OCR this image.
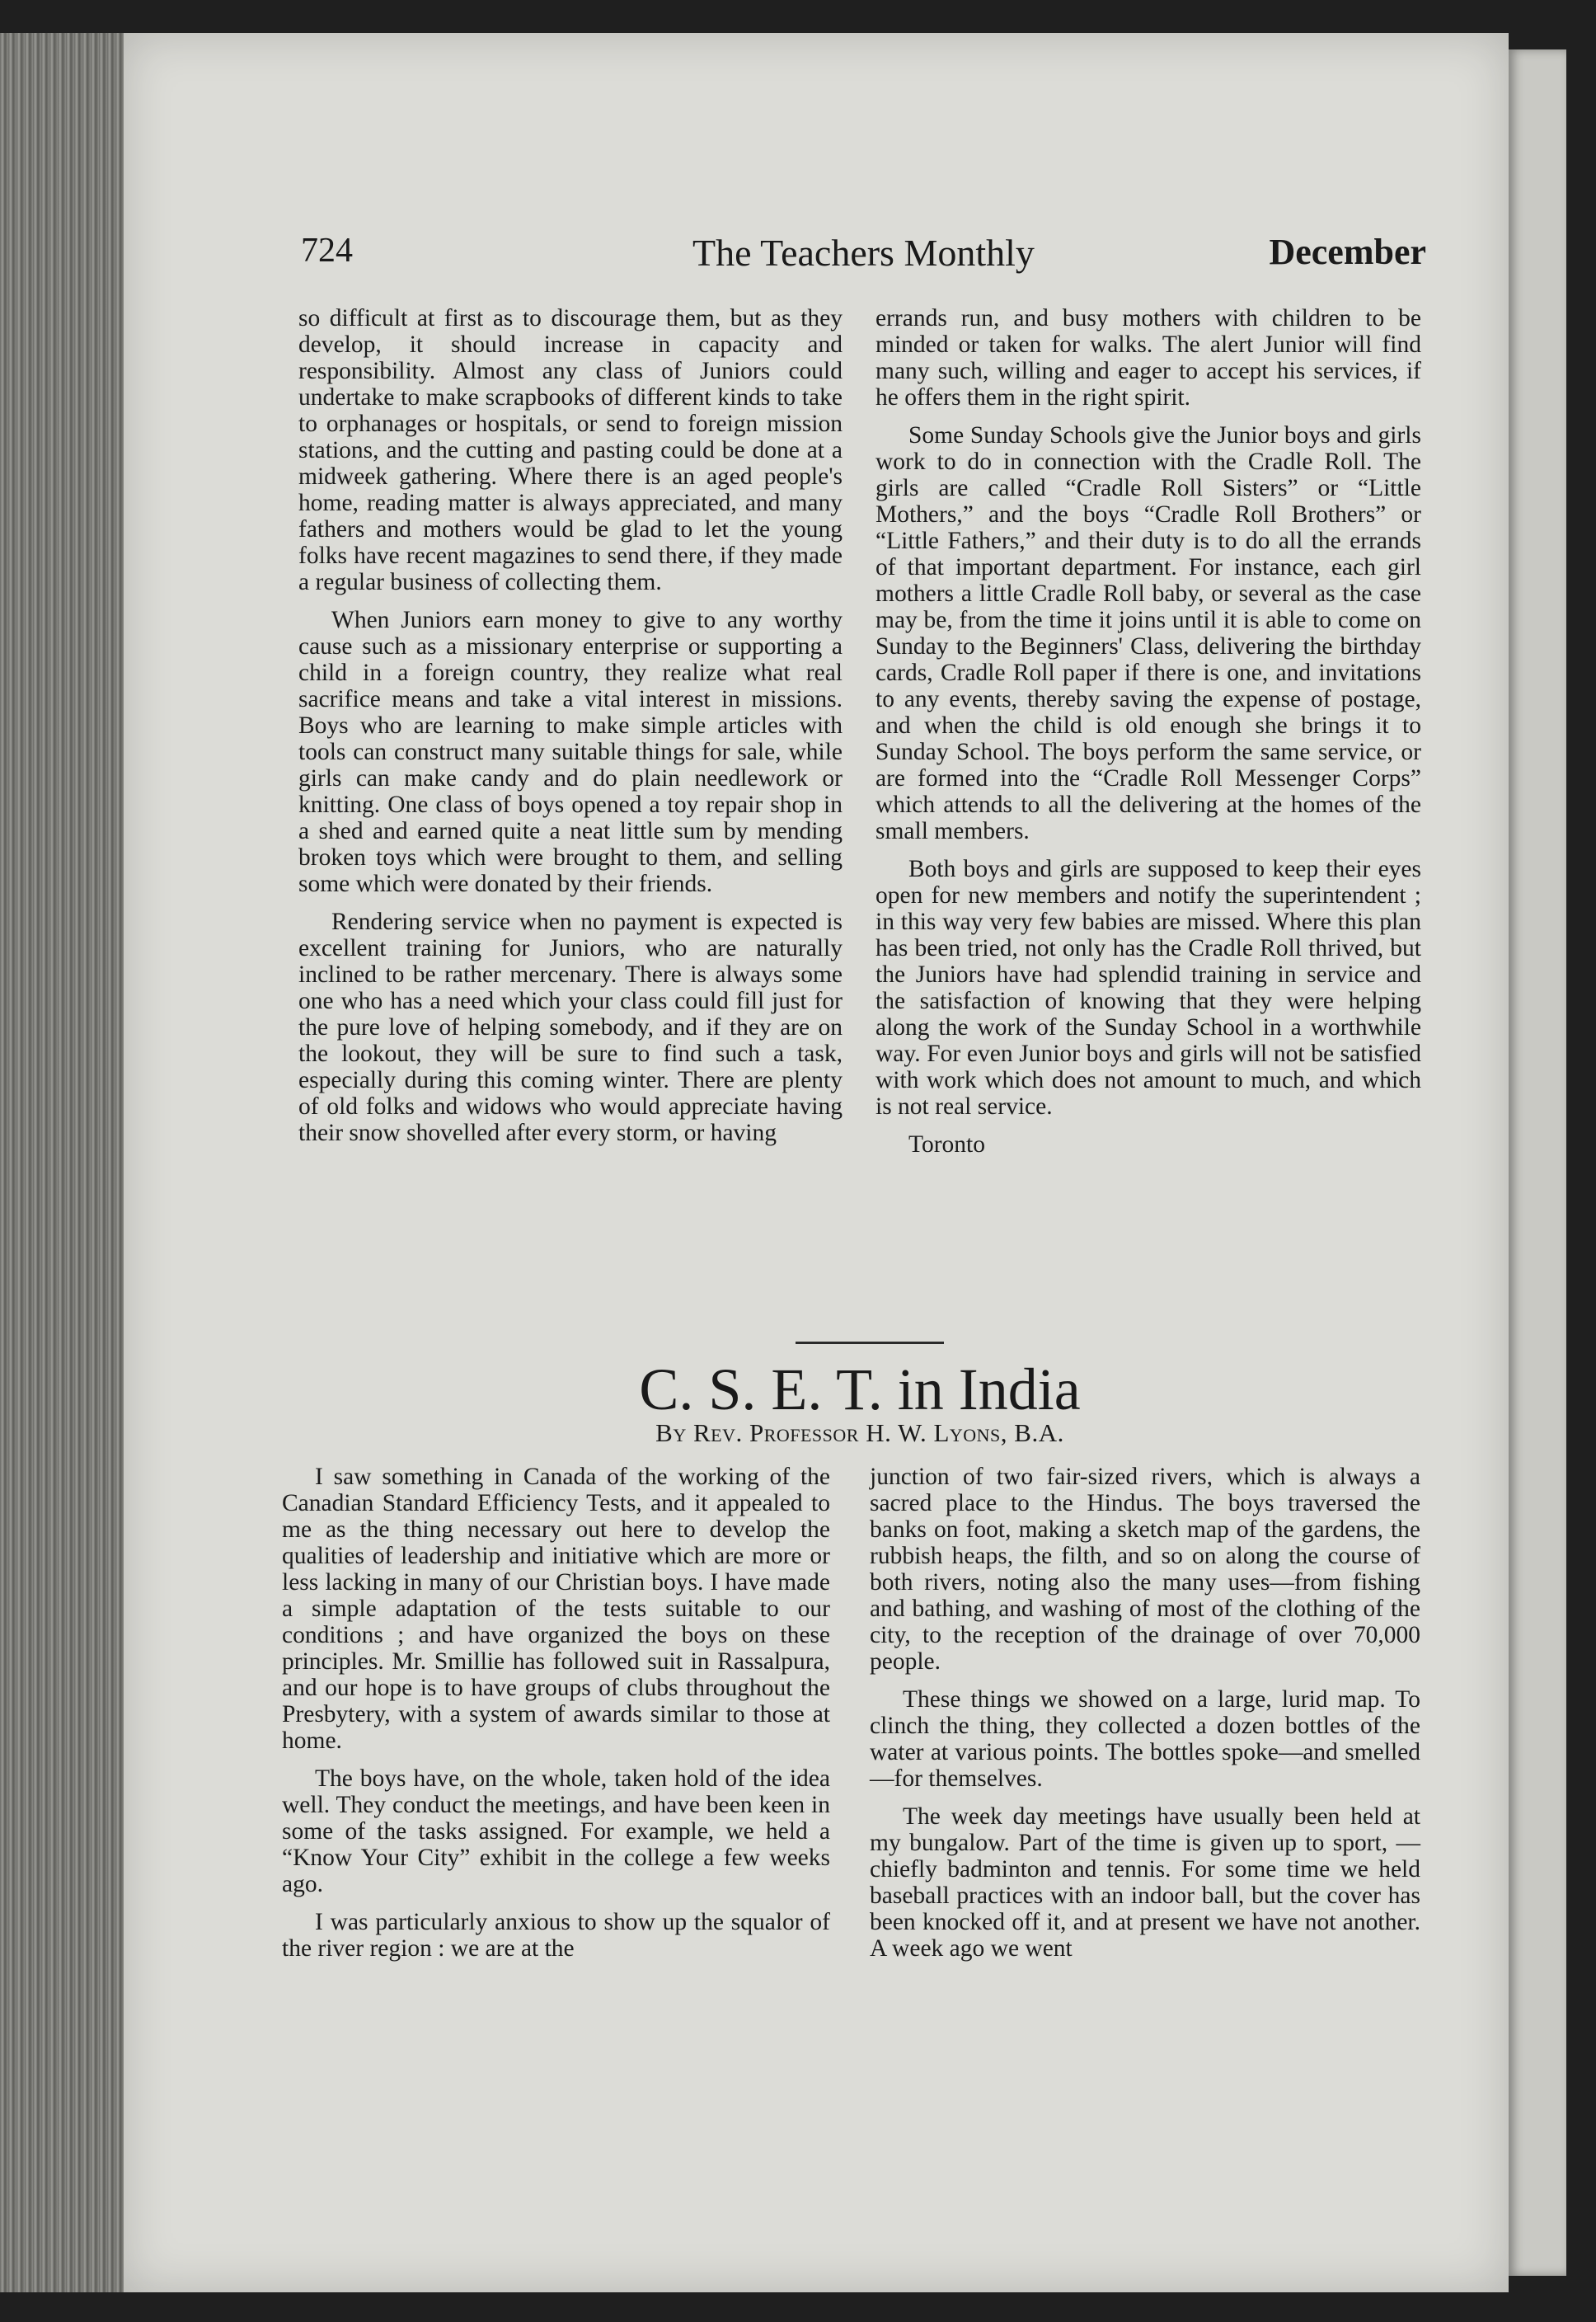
724	The Teachers Monthly	December

so difficult at first as to discourage them, but as they develop, it should increase in capacity and responsibility. Almost any class of Juniors could undertake to make scrapbooks of different kinds to take to orphanages or hospitals, or send to foreign mission stations, and the cutting and pasting could be done at a midweek gathering. Where there is an aged people's home, reading matter is always appreciated, and many fathers and mothers would be glad to let the young folks have recent magazines to send there, if they made a regular business of collecting them.

When Juniors earn money to give to any worthy cause such as a missionary enterprise or supporting a child in a foreign country, they realize what real sacrifice means and take a vital interest in missions. Boys who are learning to make simple articles with tools can construct many suitable things for sale, while girls can make candy and do plain needlework or knitting. One class of boys opened a toy repair shop in a shed and earned quite a neat little sum by mending broken toys which were brought to them, and selling some which were donated by their friends.

Rendering service when no payment is expected is excellent training for Juniors, who are naturally inclined to be rather mercenary. There is always some one who has a need which your class could fill just for the pure love of helping somebody, and if they are on the lookout, they will be sure to find such a task, especially during this coming winter. There are plenty of old folks and widows who would appreciate having their snow shovelled after every storm, or having

errands run, and busy mothers with children to be minded or taken for walks. The alert Junior will find many such, willing and eager to accept his services, if he offers them in the right spirit.

Some Sunday Schools give the Junior boys and girls work to do in connection with the Cradle Roll. The girls are called “Cradle Roll Sisters” or “Little Mothers,” and the boys “Cradle Roll Brothers” or “Little Fathers,” and their duty is to do all the errands of that important department. For instance, each girl mothers a little Cradle Roll baby, or several as the case may be, from the time it joins until it is able to come on Sunday to the Beginners' Class, delivering the birthday cards, Cradle Roll paper if there is one, and invitations to any events, thereby saving the expense of postage, and when the child is old enough she brings it to Sunday School. The boys perform the same service, or are formed into the “Cradle Roll Messenger Corps” which attends to all the delivering at the homes of the small members.

Both boys and girls are supposed to keep their eyes open for new members and notify the superintendent ; in this way very few babies are missed. Where this plan has been tried, not only has the Cradle Roll thrived, but the Juniors have had splendid training in service and the satisfaction of knowing that they were helping along the work of the Sunday School in a worthwhile way. For even Junior boys and girls will not be satisfied with work which does not amount to much, and which is not real service.

Toronto

C. S. E. T. in India
By Rev. Professor H. W. Lyons, B.A.

I saw something in Canada of the working of the Canadian Standard Efficiency Tests, and it appealed to me as the thing necessary out here to develop the qualities of leadership and initiative which are more or less lacking in many of our Christian boys. I have made a simple adaptation of the tests suitable to our conditions ; and have organized the boys on these principles. Mr. Smillie has followed suit in Rassalpura, and our hope is to have groups of clubs throughout the Presbytery, with a system of awards similar to those at home.

The boys have, on the whole, taken hold of the idea well. They conduct the meetings, and have been keen in some of the tasks assigned. For example, we held a “Know Your City” exhibit in the college a few weeks ago.

I was particularly anxious to show up the squalor of the river region : we are at the

junction of two fair-sized rivers, which is always a sacred place to the Hindus. The boys traversed the banks on foot, making a sketch map of the gardens, the rubbish heaps, the filth, and so on along the course of both rivers, noting also the many uses—from fishing and bathing, and washing of most of the clothing of the city, to the reception of the drainage of over 70,000 people.

These things we showed on a large, lurid map. To clinch the thing, they collected a dozen bottles of the water at various points. The bottles spoke—and smelled—for themselves.

The week day meetings have usually been held at my bungalow. Part of the time is given up to sport, —chiefly badminton and tennis. For some time we held baseball practices with an indoor ball, but the cover has been knocked off it, and at present we have not another. A week ago we went
